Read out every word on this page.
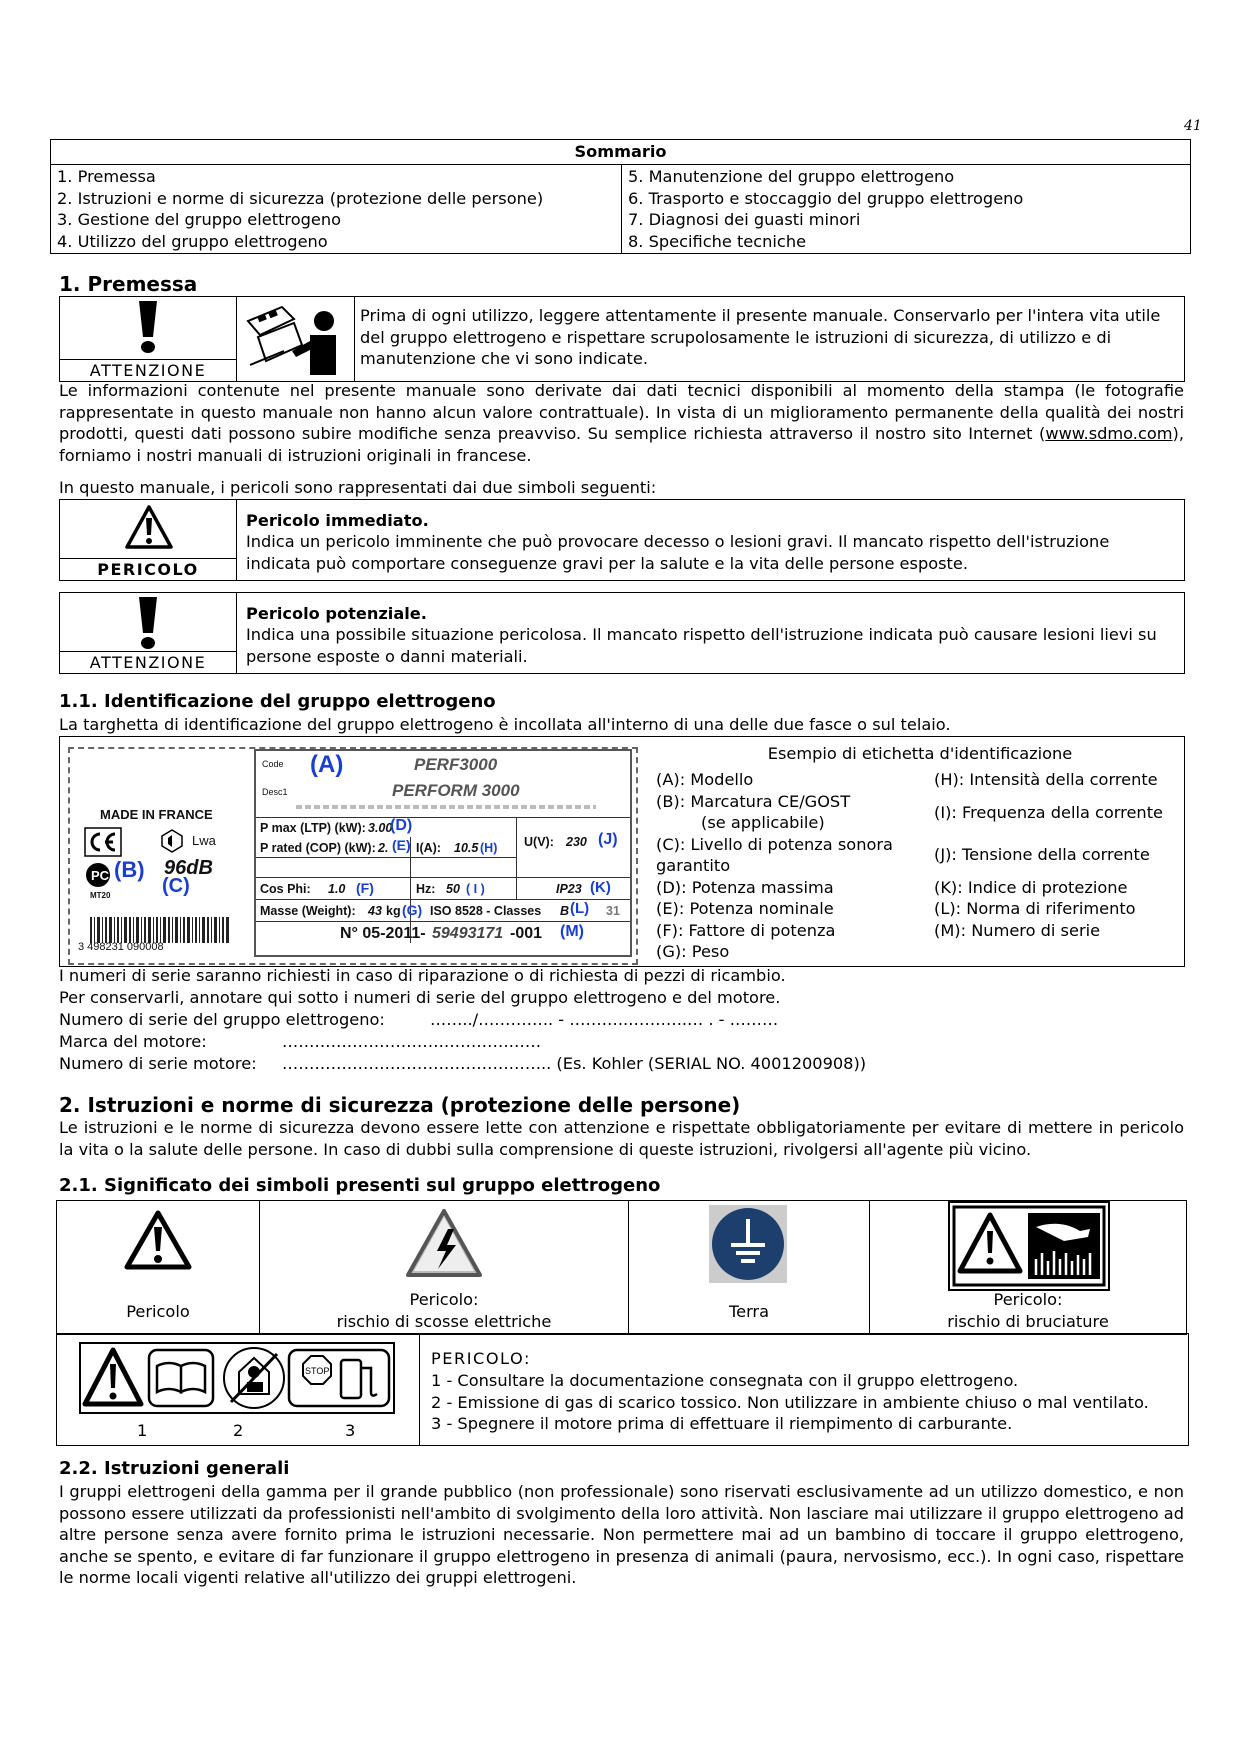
41
Sommario

1. Premessa
2. Istruzioni e norme di sicurezza (protezione delle persone)
3. Gestione del gruppo elettrogeno
4. Utilizzo del gruppo elettrogeno

5. Manutenzione del gruppo elettrogeno
6. Trasporto e stoccaggio del gruppo elettrogeno
7. Diagnosi dei guasti minori
8. Specifiche tecniche
1. Premessa
ATTENZIONE
Prima di ogni utilizzo, leggere attentamente il presente manuale. Conservarlo per l'intera vita utile del gruppo elettrogeno e rispettare scrupolosamente le istruzioni di sicurezza, di utilizzo e di manutenzione che vi sono indicate.
Le informazioni contenute nel presente manuale sono derivate dai dati tecnici disponibili al momento della stampa (le fotografie rappresentate in questo manuale non hanno alcun valore contrattuale). In vista di un miglioramento permanente della qualità dei nostri prodotti, questi dati possono subire modifiche senza preavviso. Su semplice richiesta attraverso il nostro sito Internet (www.sdmo.com), forniamo i nostri manuali di istruzioni originali in francese.
In questo manuale, i pericoli sono rappresentati dai due simboli seguenti:
PERICOLO
Pericolo immediato.
Indica un pericolo imminente che può provocare decesso o lesioni gravi. Il mancato rispetto dell'istruzione indicata può comportare conseguenze gravi per la salute e la vita delle persone esposte.
ATTENZIONE
Pericolo potenziale.
Indica una possibile situazione pericolosa. Il mancato rispetto dell'istruzione indicata può causare lesioni lievi su persone esposte o danni materiali.
1.1. Identificazione del gruppo elettrogeno
La targhetta di identificazione del gruppo elettrogeno è incollata all'interno di una delle due fasce o sul telaio.
Esempio di etichetta d'identificazione
(A): Modello
(B): Marcatura CE/GOST
(se applicabile)
(C): Livello di potenza sonora
garantito
(D): Potenza massima
(E): Potenza nominale
(F): Fattore di potenza
(G): Peso
(H): Intensità della corrente
(I): Frequenza della corrente
(J): Tensione della corrente
(K): Indice di protezione
(L): Norma di riferimento
(M): Numero di serie
MADE IN FRANCE
PC
MT20
(B)
Lwa
96dB
(C)
3 498231 090008
Code
Desc1
(A)	PERF3000
PERFORM 3000
P max (LTP) (kW): 3.00
(D)
P rated (COP) (kW): 2. (E) I(A): 10.5 (H) U(V): 230 (J)
Cos Phi: 1.0 (F)	Hz: 50 ( I )	IP23 (K)
Masse (Weight): 43 kg (G) ISO 8528 - Classes B (L) 31
N° 05-2011- 59493171 -001 (M)
I numeri di serie saranno richiesti in caso di riparazione o di richiesta di pezzi di ricambio.
Per conservarli, annotare qui sotto i numeri di serie del gruppo elettrogeno e del motore.
Numero di serie del gruppo elettrogeno:	……../………….. - ………..………..… . - ………
Marca del motore:	…………………………………………
Numero di serie motore: ………………………………………….. (Es. Kohler (SERIAL NO. 4001200908))
2. Istruzioni e norme di sicurezza (protezione delle persone)
Le istruzioni e le norme di sicurezza devono essere lette con attenzione e rispettate obbligatoriamente per evitare di mettere in pericolo la vita o la salute delle persone. In caso di dubbi sulla comprensione di queste istruzioni, rivolgersi all'agente più vicino.
2.1. Significato dei simboli presenti sul gruppo elettrogeno
Pericolo

Pericolo:
rischio di scosse elettriche

Terra

Pericolo:
rischio di bruciature
STOP
1	2	3
PERICOLO:
1 - Consultare la documentazione consegnata con il gruppo elettrogeno.
2 - Emissione di gas di scarico tossico. Non utilizzare in ambiente chiuso o mal ventilato.
3 - Spegnere il motore prima di effettuare il riempimento di carburante.
2.2. Istruzioni generali
I gruppi elettrogeni della gamma per il grande pubblico (non professionale) sono riservati esclusivamente ad un utilizzo domestico, e non possono essere utilizzati da professionisti nell'ambito di svolgimento della loro attività. Non lasciare mai utilizzare il gruppo elettrogeno ad altre persone senza avere fornito prima le istruzioni necessarie. Non permettere mai ad un bambino di toccare il gruppo elettrogeno, anche se spento, e evitare di far funzionare il gruppo elettrogeno in presenza di animali (paura, nervosismo, ecc.). In ogni caso, rispettare le norme locali vigenti relative all'utilizzo dei gruppi elettrogeni.
